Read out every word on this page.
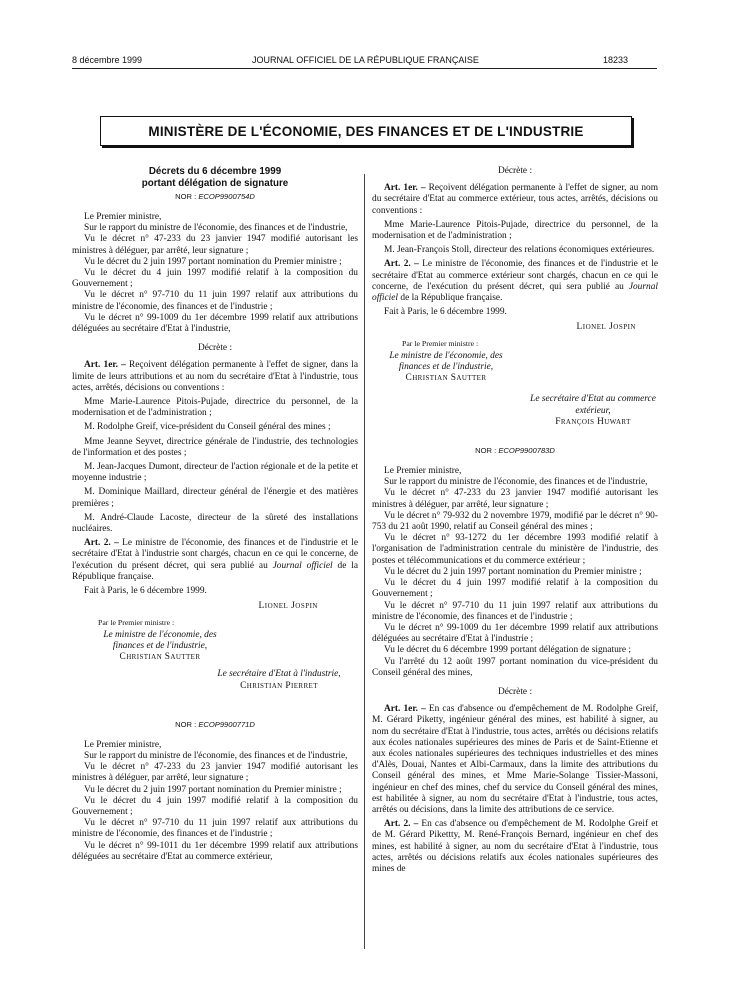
8 décembre 1999	JOURNAL OFFICIEL DE LA RÉPUBLIQUE FRANÇAISE	18233
MINISTÈRE DE L'ÉCONOMIE, DES FINANCES ET DE L'INDUSTRIE
Décrets du 6 décembre 1999
portant délégation de signature
NOR : ECOP9900754D

Le Premier ministre,

Sur le rapport du ministre de l'économie, des finances et de l'industrie,

Vu le décret n° 47-233 du 23 janvier 1947 modifié autorisant les ministres à déléguer, par arrêté, leur signature ;

Vu le décret du 2 juin 1997 portant nomination du Premier ministre ;

Vu le décret du 4 juin 1997 modifié relatif à la composition du Gouvernement ;

Vu le décret n° 97-710 du 11 juin 1997 relatif aux attributions du ministre de l'économie, des finances et de l'industrie ;

Vu le décret n° 99-1009 du 1er décembre 1999 relatif aux attributions déléguées au secrétaire d'Etat à l'industrie,

Décrète :

Art. 1er. – Reçoivent délégation permanente à l'effet de signer, dans la limite de leurs attributions et au nom du secrétaire d'Etat à l'industrie, tous actes, arrêtés, décisions ou conventions :

Mme Marie-Laurence Pitois-Pujade, directrice du personnel, de la modernisation et de l'administration ;

M. Rodolphe Greif, vice-président du Conseil général des mines ;

Mme Jeanne Seyvet, directrice générale de l'industrie, des technologies de l'information et des postes ;

M. Jean-Jacques Dumont, directeur de l'action régionale et de la petite et moyenne industrie ;

M. Dominique Maillard, directeur général de l'énergie et des matières premières ;

M. André-Claude Lacoste, directeur de la sûreté des installations nucléaires.

Art. 2. – Le ministre de l'économie, des finances et de l'industrie et le secrétaire d'Etat à l'industrie sont chargés, chacun en ce qui le concerne, de l'exécution du présent décret, qui sera publié au Journal officiel de la République française.

Fait à Paris, le 6 décembre 1999.

Lionel Jospin
Par le Premier ministre :
Le ministre de l'économie, des finances et de l'industrie,
Christian Sautter
Le secrétaire d'Etat à l'industrie,
Christian Pierret
NOR : ECOP9900771D

Le Premier ministre,

Sur le rapport du ministre de l'économie, des finances et de l'industrie,

Vu le décret n° 47-233 du 23 janvier 1947 modifié autorisant les ministres à déléguer, par arrêté, leur signature ;

Vu le décret du 2 juin 1997 portant nomination du Premier ministre ;

Vu le décret du 4 juin 1997 modifié relatif à la composition du Gouvernement ;

Vu le décret n° 97-710 du 11 juin 1997 relatif aux attributions du ministre de l'économie, des finances et de l'industrie ;

Vu le décret n° 99-1011 du 1er décembre 1999 relatif aux attributions déléguées au secrétaire d'Etat au commerce extérieur,

Décrète :

Art. 1er. – Reçoivent délégation permanente à l'effet de signer, au nom du secrétaire d'Etat au commerce extérieur, tous actes, arrêtés, décisions ou conventions :

Mme Marie-Laurence Pitois-Pujade, directrice du personnel, de la modernisation et de l'administration ;

M. Jean-François Stoll, directeur des relations économiques extérieures.

Art. 2. – Le ministre de l'économie, des finances et de l'industrie et le secrétaire d'Etat au commerce extérieur sont chargés, chacun en ce qui le concerne, de l'exécution du présent décret, qui sera publié au Journal officiel de la République française.

Fait à Paris, le 6 décembre 1999.

Lionel Jospin
Par le Premier ministre :
Le ministre de l'économie, des finances et de l'industrie,
Christian Sautter
Le secrétaire d'Etat au commerce extérieur,
François Huwart
NOR : ECOP9900783D

Le Premier ministre,

Sur le rapport du ministre de l'économie, des finances et de l'industrie,

Vu le décret n° 47-233 du 23 janvier 1947 modifié autorisant les ministres à déléguer, par arrêté, leur signature ;

Vu le décret n° 79-932 du 2 novembre 1979, modifié par le décret n° 90-753 du 21 août 1990, relatif au Conseil général des mines ;

Vu le décret n° 93-1272 du 1er décembre 1993 modifié relatif à l'organisation de l'administration centrale du ministère de l'industrie, des postes et télécommunications et du commerce extérieur ;

Vu le décret du 2 juin 1997 portant nomination du Premier ministre ;

Vu le décret du 4 juin 1997 modifié relatif à la composition du Gouvernement ;

Vu le décret n° 97-710 du 11 juin 1997 relatif aux attributions du ministre de l'économie, des finances et de l'industrie ;

Vu le décret n° 99-1009 du 1er décembre 1999 relatif aux attributions déléguées au secrétaire d'Etat à l'industrie ;

Vu le décret du 6 décembre 1999 portant délégation de signature ;

Vu l'arrêté du 12 août 1997 portant nomination du vice-président du Conseil général des mines,

Décrète :

Art. 1er. – En cas d'absence ou d'empêchement de M. Rodolphe Greif, M. Gérard Piketty, ingénieur général des mines, est habilité à signer, au nom du secrétaire d'Etat à l'industrie, tous actes, arrêtés ou décisions relatifs aux écoles nationales supérieures des mines de Paris et de Saint-Etienne et aux écoles nationales supérieures des techniques industrielles et des mines d'Alès, Douai, Nantes et Albi-Carmaux, dans la limite des attributions du Conseil général des mines, et Mme Marie-Solange Tissier-Massoni, ingénieur en chef des mines, chef du service du Conseil général des mines, est habilitée à signer, au nom du secrétaire d'Etat à l'industrie, tous actes, arrêtés ou décisions, dans la limite des attributions de ce service.

Art. 2. – En cas d'absence ou d'empêchement de M. Rodolphe Greif et de M. Gérard Pikettty, M. René-François Bernard, ingénieur en chef des mines, est habilité à signer, au nom du secrétaire d'Etat à l'industrie, tous actes, arrêtés ou décisions relatifs aux écoles nationales supérieures des mines de
